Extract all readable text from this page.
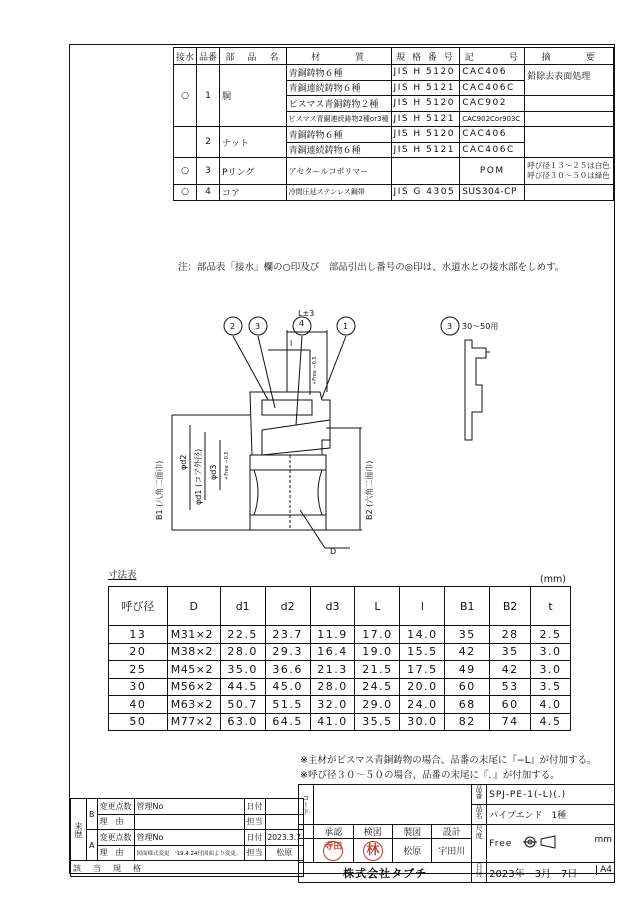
接水	品番	部　品　名	材　　　質	規 格 番 号	記　　　号	摘　　　要
○	1	胴	青銅鋳物６種	JIS H 5120	CAC406	鉛除去表面処理
			青銅連続鋳物６種	JIS H 5121	CAC406C	
			ビスマス青銅鋳物２種	JIS H 5120	CAC902	
			ビスマス青銅連続鋳物2種or3種	JIS H 5121	CAC902Cor903C	
	2	ナット	青銅鋳物６種	JIS H 5120	CAC406	
			青銅連続鋳物６種	JIS H 5121	CAC406C	
○	3	Pリング	アセタールコポリマー		POM	呼び径１３～２５は白色
呼び径３０～５０は緑色
○	4	コア	冷間圧延ステンレス鋼帯	JIS G 4305	SUS304-CP	
注：部品表「接水」欄の○印及び　部品引出し番号の◎印は、水道水との接水部をしめす。
4
2 3	1	3 30～50用
L±3
l
B1 (八角二面巾) φd2 φd1 (コア外径) φd3	B2 (六角二面巾)
D
+Free −0.5
+Free −0.5
寸法表	(mm)
呼び径	D	d1	d2	d3	L	l	B1	B2	t
13	M31×2	22.5	23.7	11.9	17.0	14.0	35	28	2.5
20	M38×2	28.0	29.3	16.4	19.0	15.5	42	35	3.0
25	M45×2	35.0	36.6	21.3	21.5	17.5	49	42	3.0
30	M56×2	44.5	45.0	28.0	24.5	20.0	60	53	3.5
40	M63×2	50.7	51.5	32.0	29.0	24.0	68	60	4.0
50	M77×2	63.0	64.5	41.0	35.5	30.0	82	74	4.5
※主材がビスマス青銅鋳物の場合、品番の末尾に『−L』が付加する。
※呼び径３０～５０の場合、品番の末尾に『．』が付加する。
来歴	B	変更点数	管理No	日付	
		理　由		担当	
	A	変更点数	管理No	日付	2023.3.7
		理　由	図面様式変更　'19.4.24付図面より変更。	担当	松原
該　当　規　格					
コード					品番	SPJ-PE-1(-L)(.)
					品名	パイプエンド　1種
	承認	検図	製図	設計	尺度	Free mm

	寺田	林	松原	宇田川		
株式会社タブチ					日付	2023年　3月　7日 A4
